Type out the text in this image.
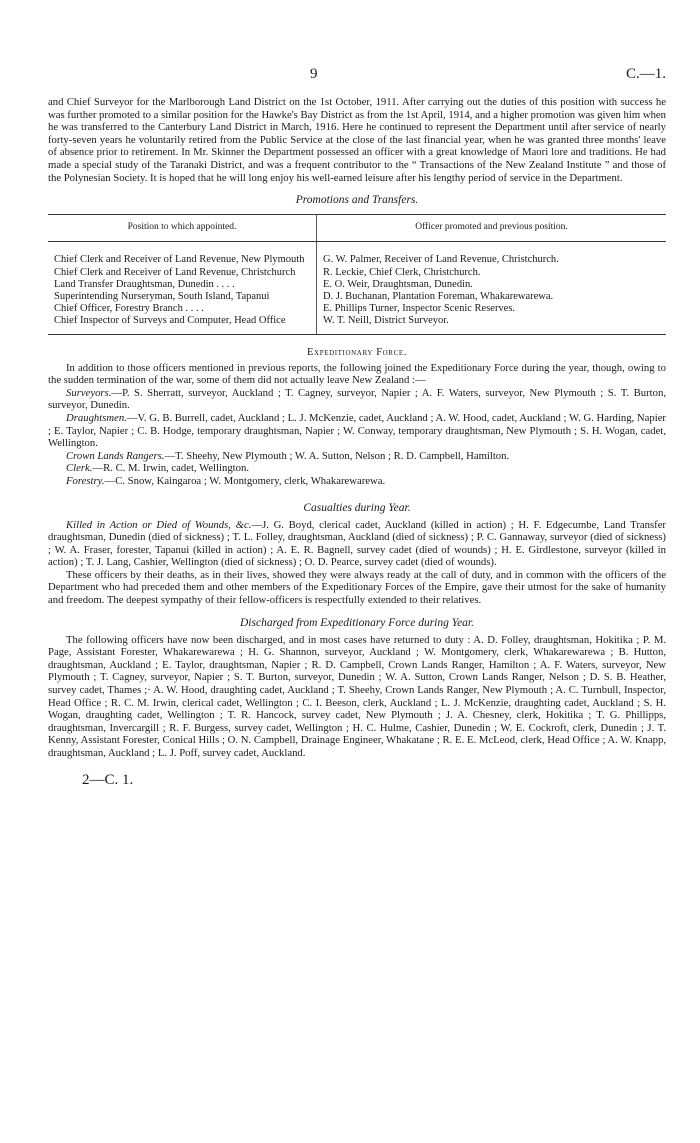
9	C.—1.

and Chief Surveyor for the Marlborough Land District on the 1st October, 1911. After carrying out the duties of this position with success he was further promoted to a similar position for the Hawke's Bay District as from the 1st April, 1914, and a higher promotion was given him when he was transferred to the Canterbury Land District in March, 1916. Here he continued to represent the Department until after service of nearly forty-seven years he voluntarily retired from the Public Service at the close of the last financial year, when he was granted three months' leave of absence prior to retirement. In Mr. Skinner the Department possessed an officer with a great knowledge of Maori lore and traditions. He had made a special study of the Taranaki District, and was a frequent contributor to the “ Transactions of the New Zealand Institute ” and those of the Polynesian Society. It is hoped that he will long enjoy his well-earned leisure after his lengthy period of service in the Department.

Promotions and Transfers.
Position to which appointed.	Officer promoted and previous position.

Chief Clerk and Receiver of Land Revenue, New Plymouth	G. W. Palmer, Receiver of Land Revenue, Christchurch.

Chief Clerk and Receiver of Land Revenue, Christchurch	R. Leckie, Chief Clerk, Christchurch.

Land Transfer Draughtsman, Dunedin . . . .	E. O. Weir, Draughtsman, Dunedin.

Superintending Nurseryman, South Island, Tapanui	D. J. Buchanan, Plantation Foreman, Whakarewarewa.

Chief Officer, Forestry Branch . . . .	E. Phillips Turner, Inspector Scenic Reserves.

Chief Inspector of Surveys and Computer, Head Office	W. T. Neill, District Surveyor.
Expeditionary Force.

In addition to those officers mentioned in previous reports, the following joined the Expeditionary Force during the year, though, owing to the sudden termination of the war, some of them did not actually leave New Zealand :—

Surveyors.—P. S. Sherratt, surveyor, Auckland ; T. Cagney, surveyor, Napier ; A. F. Waters, surveyor, New Plymouth ; S. T. Burton, surveyor, Dunedin.

Draughtsmen.—V. G. B. Burrell, cadet, Auckland ; L. J. McKenzie, cadet, Auckland ; A. W. Hood, cadet, Auckland ; W. G. Harding, Napier ; E. Taylor, Napier ; C. B. Hodge, temporary draughtsman, Napier ; W. Conway, temporary draughtsman, New Plymouth ; S. H. Wogan, cadet, Wellington.

Crown Lands Rangers.—T. Sheehy, New Plymouth ; W. A. Sutton, Nelson ; R. D. Campbell, Hamilton.

Clerk.—R. C. M. Irwin, cadet, Wellington.

Forestry.—C. Snow, Kaingaroa ; W. Montgomery, clerk, Whakarewarewa.

Casualties during Year.

Killed in Action or Died of Wounds, &c.—J. G. Boyd, clerical cadet, Auckland (killed in action) ; H. F. Edgecumbe, Land Transfer draughtsman, Dunedin (died of sickness) ; T. L. Folley, draughtsman, Auckland (died of sickness) ; P. C. Gannaway, surveyor (died of sickness) ; W. A. Fraser, forester, Tapanui (killed in action) ; A. E. R. Bagnell, survey cadet (died of wounds) ; H. E. Girdlestone, surveyor (killed in action) ; T. J. Lang, Cashier, Wellington (died of sickness) ; O. D. Pearce, survey cadet (died of wounds).

These officers by their deaths, as in their lives, showed they were always ready at the call of duty, and in common with the officers of the Department who had preceded them and other members of the Expeditionary Forces of the Empire, gave their utmost for the sake of humanity and freedom. The deepest sympathy of their fellow-officers is respectfully extended to their relatives.

Discharged from Expeditionary Force during Year.

The following officers have now been discharged, and in most cases have returned to duty : A. D. Folley, draughtsman, Hokitika ; P. M. Page, Assistant Forester, Whakarewarewa ; H. G. Shannon, surveyor, Auckland ; W. Montgomery, clerk, Whakarewarewa ; B. Hutton, draughtsman, Auckland ; E. Taylor, draughtsman, Napier ; R. D. Campbell, Crown Lands Ranger, Hamilton ; A. F. Waters, surveyor, New Plymouth ; T. Cagney, surveyor, Napier ; S. T. Burton, surveyor, Dunedin ; W. A. Sutton, Crown Lands Ranger, Nelson ; D. S. B. Heather, survey cadet, Thames ;· A. W. Hood, draughting cadet, Auckland ; T. Sheehy, Crown Lands Ranger, New Plymouth ; A. C. Turnbull, Inspector, Head Office ; R. C. M. Irwin, clerical cadet, Wellington ; C. I. Beeson, clerk, Auckland ; L. J. McKenzie, draughting cadet, Auckland ; S. H. Wogan, draughting cadet, Wellington ; T. R. Hancock, survey cadet, New Plymouth ; J. A. Chesney, clerk, Hokitika ; T. G. Phillipps, draughtsman, Invercargill ; R. F. Burgess, survey cadet, Wellington ; H. C. Hulme, Cashier, Dunedin ; W. E. Cockroft, clerk, Dunedin ; J. T. Kenny, Assistant Forester, Conical Hills ; O. N. Campbell, Drainage Engineer, Whakatane ; R. E. E. McLeod, clerk, Head Office ; A. W. Knapp, draughtsman, Auckland ; L. J. Poff, survey cadet, Auckland.

2—C. 1.
